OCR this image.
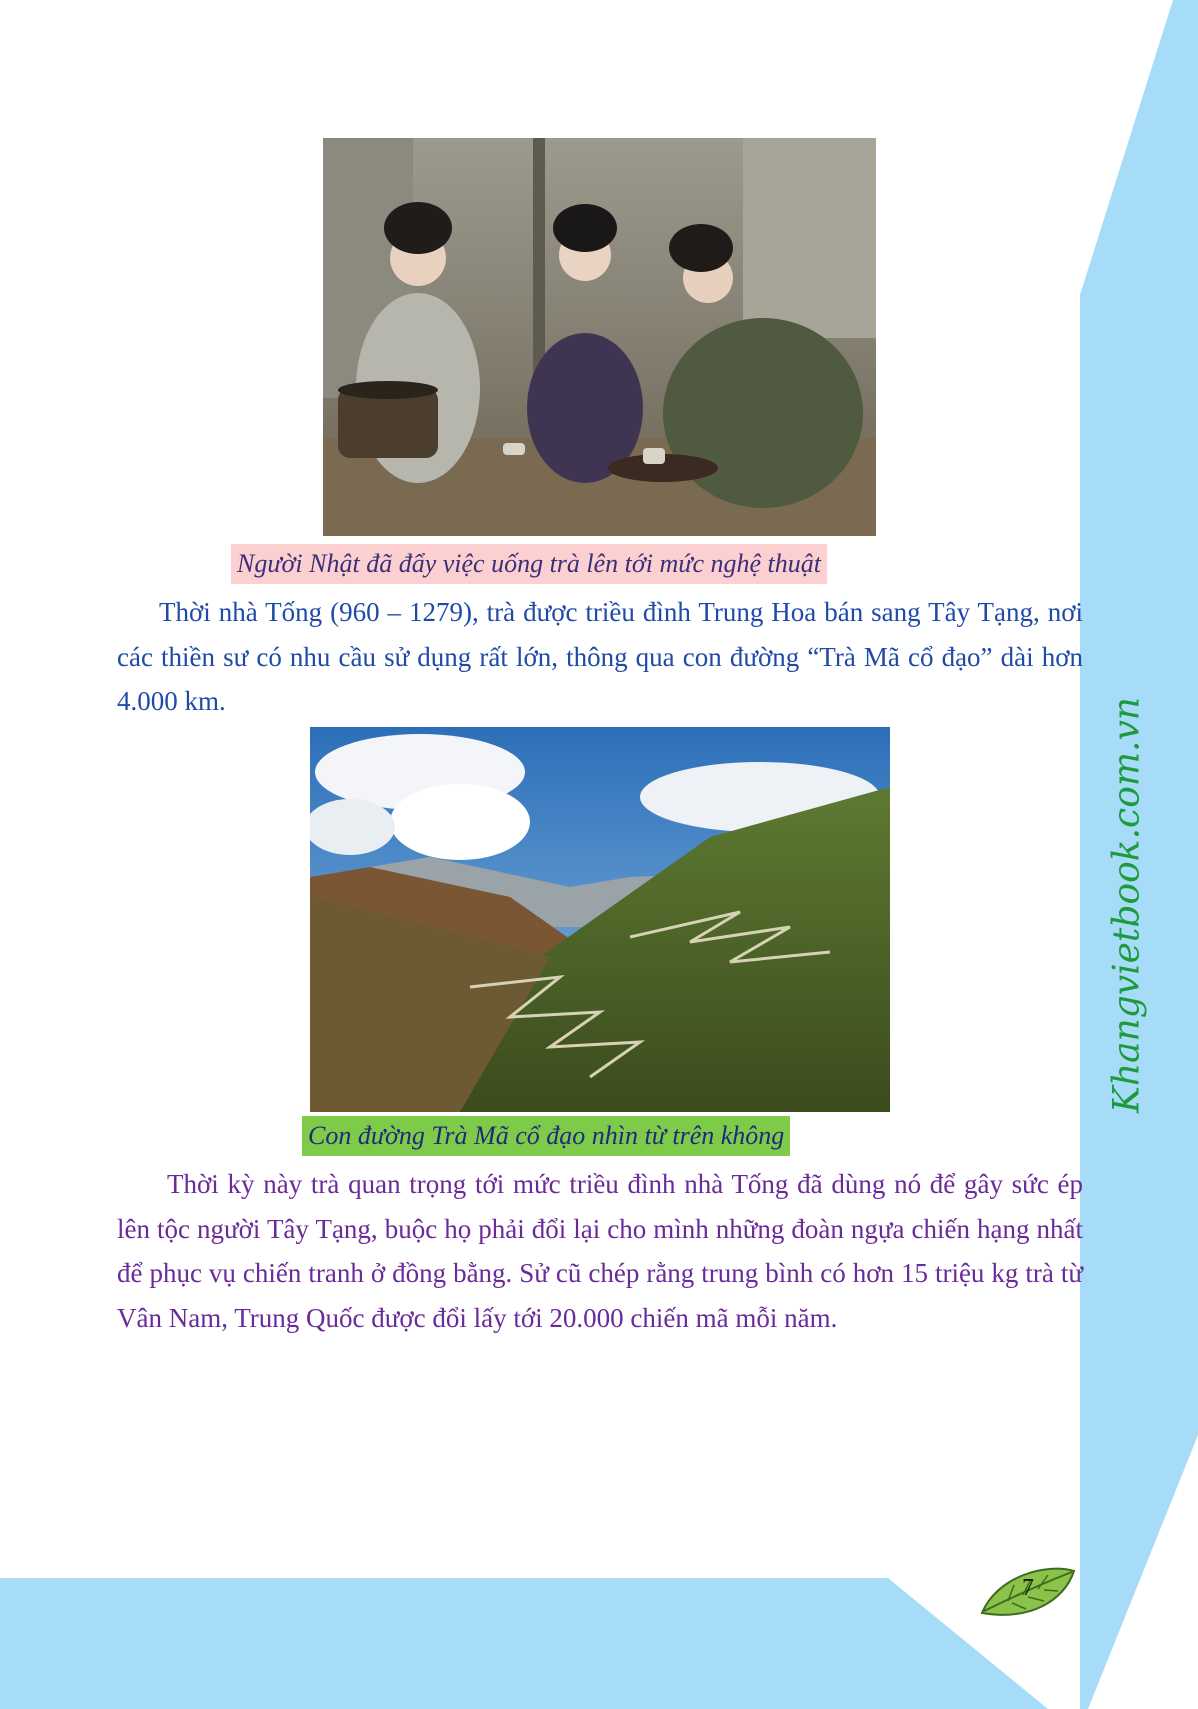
Người Nhật đã đẩy việc uống trà lên tới mức nghệ thuật

Thời nhà Tống (960 – 1279), trà được triều đình Trung Hoa bán sang Tây Tạng, nơi các thiền sư có nhu cầu sử dụng rất lớn, thông qua con đường “Trà Mã cổ đạo” dài hơn 4.000 km.

Con đường Trà Mã cổ đạo nhìn từ trên không

Thời kỳ này trà quan trọng tới mức triều đình nhà Tống đã dùng nó để gây sức ép lên tộc người Tây Tạng, buộc họ phải đổi lại cho mình những đoàn ngựa chiến hạng nhất để phục vụ chiến tranh ở đồng bằng. Sử cũ chép rằng trung bình có hơn 15 triệu kg trà từ Vân Nam, Trung Quốc được đổi lấy tới 20.000 chiến mã mỗi năm.

Khangvietbook.com.vn
7
